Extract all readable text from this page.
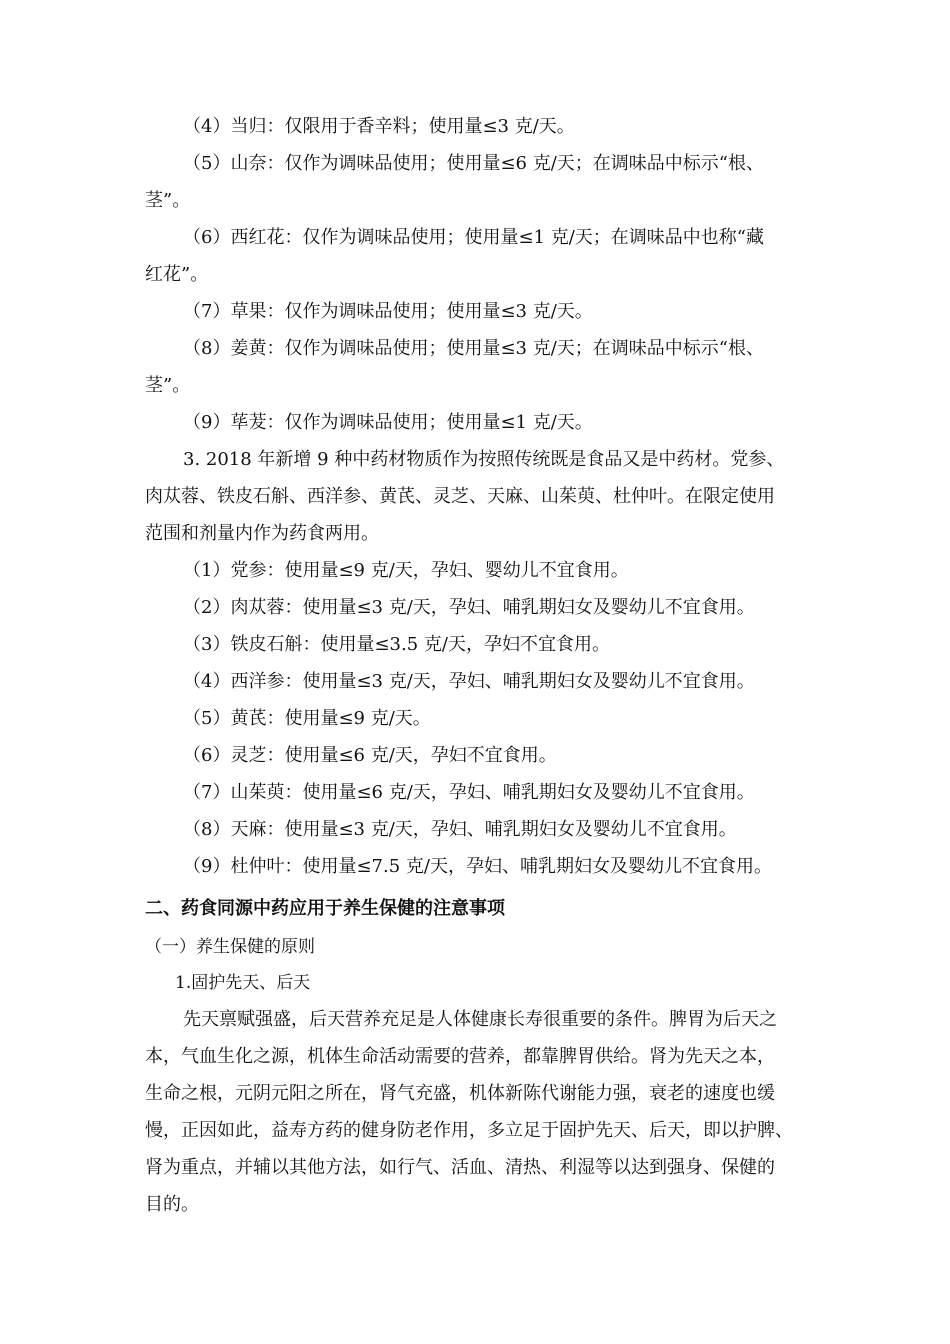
（4）当归：仅限用于香辛料；使用量≤3 克/天。
（5）山奈：仅作为调味品使用；使用量≤6 克/天；在调味品中标示“根、
茎”。
（6）西红花：仅作为调味品使用；使用量≤1 克/天；在调味品中也称“藏
红花”。
（7）草果：仅作为调味品使用；使用量≤3 克/天。
（8）姜黄：仅作为调味品使用；使用量≤3 克/天；在调味品中标示“根、
茎”。
（9）荜茇：仅作为调味品使用；使用量≤1 克/天。
3. 2018 年新增 9 种中药材物质作为按照传统既是食品又是中药材。党参、
肉苁蓉、铁皮石斛、西洋参、黄芪、灵芝、天麻、山茱萸、杜仲叶。在限定使用
范围和剂量内作为药食两用。
（1）党参：使用量≤9 克/天，孕妇、婴幼儿不宜食用。
（2）肉苁蓉：使用量≤3 克/天，孕妇、哺乳期妇女及婴幼儿不宜食用。
（3）铁皮石斛：使用量≤3.5 克/天，孕妇不宜食用。
（4）西洋参：使用量≤3 克/天，孕妇、哺乳期妇女及婴幼儿不宜食用。
（5）黄芪：使用量≤9 克/天。
（6）灵芝：使用量≤6 克/天，孕妇不宜食用。
（7）山茱萸：使用量≤6 克/天，孕妇、哺乳期妇女及婴幼儿不宜食用。
（8）天麻：使用量≤3 克/天，孕妇、哺乳期妇女及婴幼儿不宜食用。
（9）杜仲叶：使用量≤7.5 克/天，孕妇、哺乳期妇女及婴幼儿不宜食用。
二、药食同源中药应用于养生保健的注意事项
（一）养生保健的原则
1.固护先天、后天
先天禀赋强盛，后天营养充足是人体健康长寿很重要的条件。脾胃为后天之
本，气血生化之源，机体生命活动需要的营养，都靠脾胃供给。肾为先天之本，
生命之根，元阴元阳之所在，肾气充盛，机体新陈代谢能力强，衰老的速度也缓
慢，正因如此，益寿方药的健身防老作用，多立足于固护先天、后天，即以护脾、
肾为重点，并辅以其他方法，如行气、活血、清热、利湿等以达到强身、保健的
目的。
